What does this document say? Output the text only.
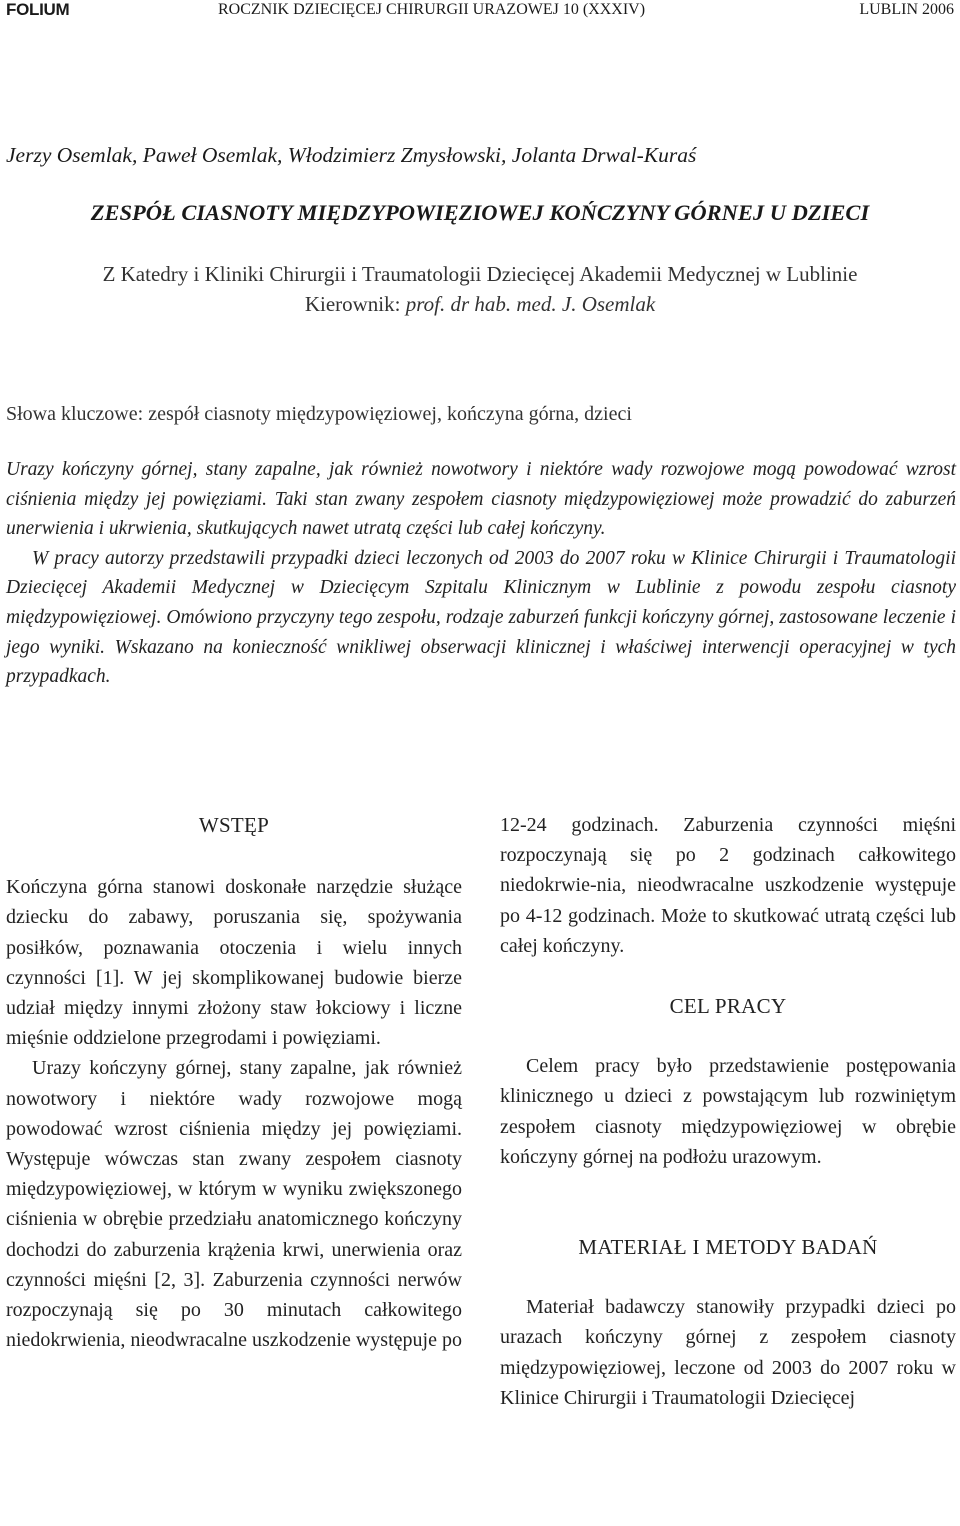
FOLIUM	ROCZNIK DZIECIĘCEJ CHIRURGII URAZOWEJ 10 (XXXIV)	LUBLIN 2006
Jerzy Osemlak, Paweł Osemlak, Włodzimierz Zmysłowski, Jolanta Drwal-Kuraś
ZESPÓŁ CIASNOTY MIĘDZYPOWIĘZIOWEJ KOŃCZYNY GÓRNEJ U DZIECI
Z Katedry i Kliniki Chirurgii i Traumatologii Dziecięcej Akademii Medycznej w Lublinie
Kierownik: prof. dr hab. med. J. Osemlak
Słowa kluczowe: zespół ciasnoty międzypowięziowej, kończyna górna, dzieci

Urazy kończyny górnej, stany zapalne, jak również nowotwory i niektóre wady rozwojowe mogą powodować wzrost ciśnienia między jej powięziami. Taki stan zwany zespołem ciasnoty międzypowięziowej może prowadzić do zaburzeń unerwienia i ukrwienia, skutkujących nawet utratą części lub całej kończyny.

W pracy autorzy przedstawili przypadki dzieci leczonych od 2003 do 2007 roku w Klinice Chirurgii i Traumatologii Dziecięcej Akademii Medycznej w Dziecięcym Szpitalu Klinicznym w Lublinie z powodu zespołu ciasnoty międzypowięziowej. Omówiono przyczyny tego zespołu, rodzaje zaburzeń funkcji kończyny górnej, zastosowane leczenie i jego wyniki. Wskazano na konieczność wnikliwej obserwacji klinicznej i właściwej interwencji operacyjnej w tych przypadkach.

WSTĘP

Kończyna górna stanowi doskonałe narzędzie służące dziecku do zabawy, poruszania się, spożywania posiłków, poznawania otoczenia i wielu innych czynności [1]. W jej skomplikowanej budowie bierze udział między innymi złożony staw łokciowy i liczne mięśnie oddzielone przegrodami i powięziami.

Urazy kończyny górnej, stany zapalne, jak również nowotwory i niektóre wady rozwojowe mogą powodować wzrost ciśnienia między jej powięziami. Występuje wówczas stan zwany zespołem ciasnoty międzypowięziowej, w którym w wyniku zwiększonego ciśnienia w obrębie przedziału anatomicznego kończyny dochodzi do zaburzenia krążenia krwi, unerwienia oraz czynności mięśni [2, 3]. Zaburzenia czynności nerwów rozpoczynają się po 30 minutach całkowitego niedokrwienia, nieodwracalne uszkodzenie występuje po

12-24 godzinach. Zaburzenia czynności mięśni rozpoczynają się po 2 godzinach całkowitego niedokrwie-nia, nieodwracalne uszkodzenie występuje po 4-12 godzinach. Może to skutkować utratą części lub całej kończyny.

CEL PRACY

Celem pracy było przedstawienie postępowania klinicznego u dzieci z powstającym lub rozwiniętym zespołem ciasnoty międzypowięziowej w obrębie kończyny górnej na podłożu urazowym.

MATERIAŁ I METODY BADAŃ

Materiał badawczy stanowiły przypadki dzieci po urazach kończyny górnej z zespołem ciasnoty międzypowięziowej, leczone od 2003 do 2007 roku w Klinice Chirurgii i Traumatologii Dziecięcej
